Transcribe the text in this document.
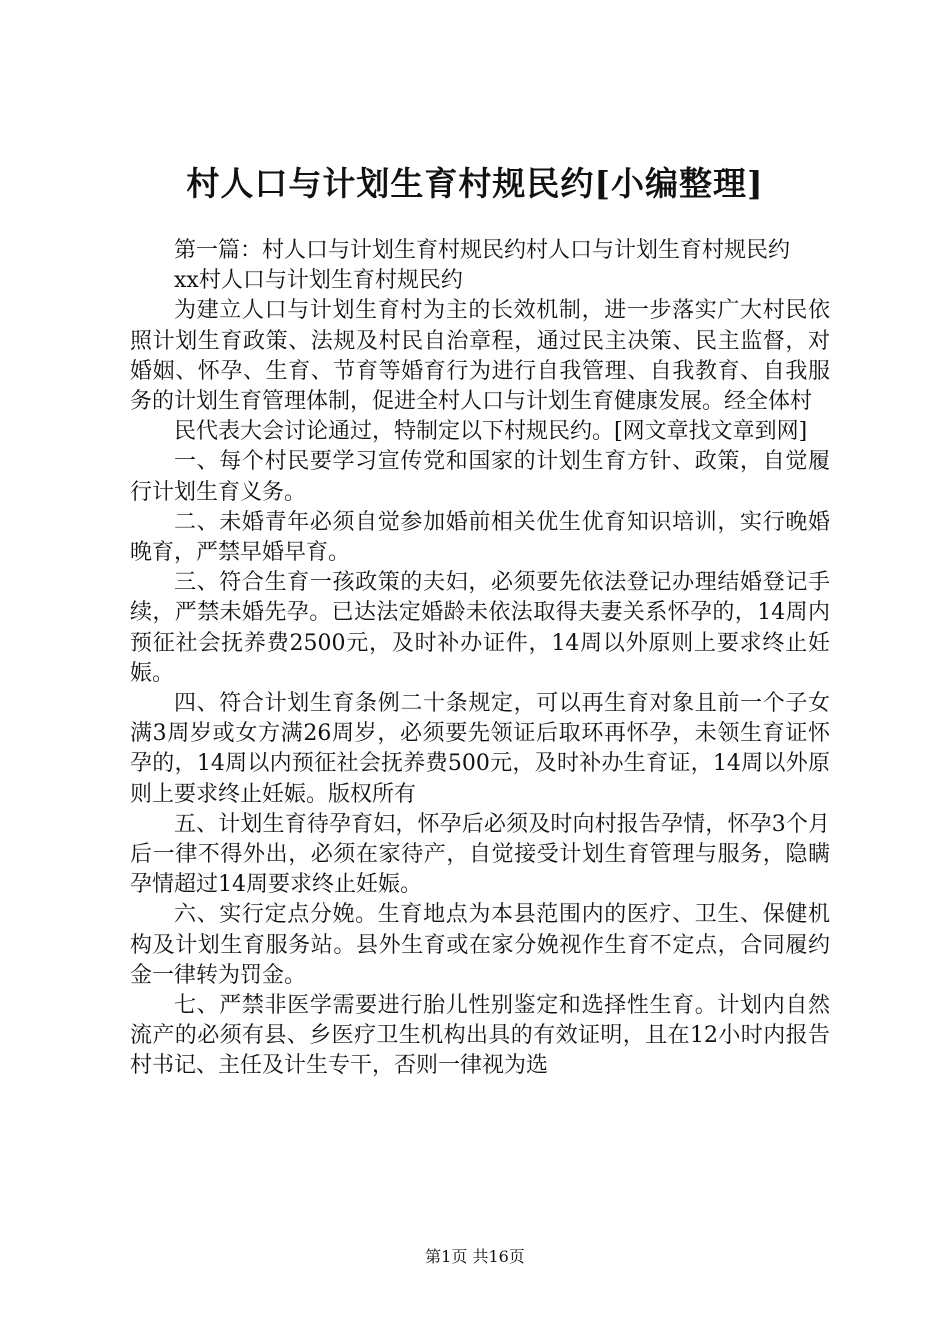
村人口与计划生育村规民约[小编整理]

第一篇：村人口与计划生育村规民约村人口与计划生育村规民约

xx村人口与计划生育村规民约

为建立人口与计划生育村为主的长效机制，进一步落实广大村民依照计划生育政策、法规及村民自治章程，通过民主决策、民主监督，对婚姻、怀孕、生育、节育等婚育行为进行自我管理、自我教育、自我服务的计划生育管理体制，促进全村人口与计划生育健康发展。经全体村

民代表大会讨论通过，特制定以下村规民约。[网文章找文章到网]

一、每个村民要学习宣传党和国家的计划生育方针、政策，自觉履行计划生育义务。

二、未婚青年必须自觉参加婚前相关优生优育知识培训，实行晚婚晚育，严禁早婚早育。

三、符合生育一孩政策的夫妇，必须要先依法登记办理结婚登记手续，严禁未婚先孕。已达法定婚龄未依法取得夫妻关系怀孕的，14周内预征社会抚养费2500元，及时补办证件，14周以外原则上要求终止妊娠。

四、符合计划生育条例二十条规定，可以再生育对象且前一个子女满3周岁或女方满26周岁，必须要先领证后取环再怀孕，未领生育证怀孕的，14周以内预征社会抚养费500元，及时补办生育证，14周以外原则上要求终止妊娠。版权所有

五、计划生育待孕育妇，怀孕后必须及时向村报告孕情，怀孕3个月后一律不得外出，必须在家待产，自觉接受计划生育管理与服务，隐瞒孕情超过14周要求终止妊娠。

六、实行定点分娩。生育地点为本县范围内的医疗、卫生、保健机构及计划生育服务站。县外生育或在家分娩视作生育不定点，合同履约金一律转为罚金。

七、严禁非医学需要进行胎儿性别鉴定和选择性生育。计划内自然流产的必须有县、乡医疗卫生机构出具的有效证明，且在12小时内报告村书记、主任及计生专干，否则一律视为选

第1页 共16页
